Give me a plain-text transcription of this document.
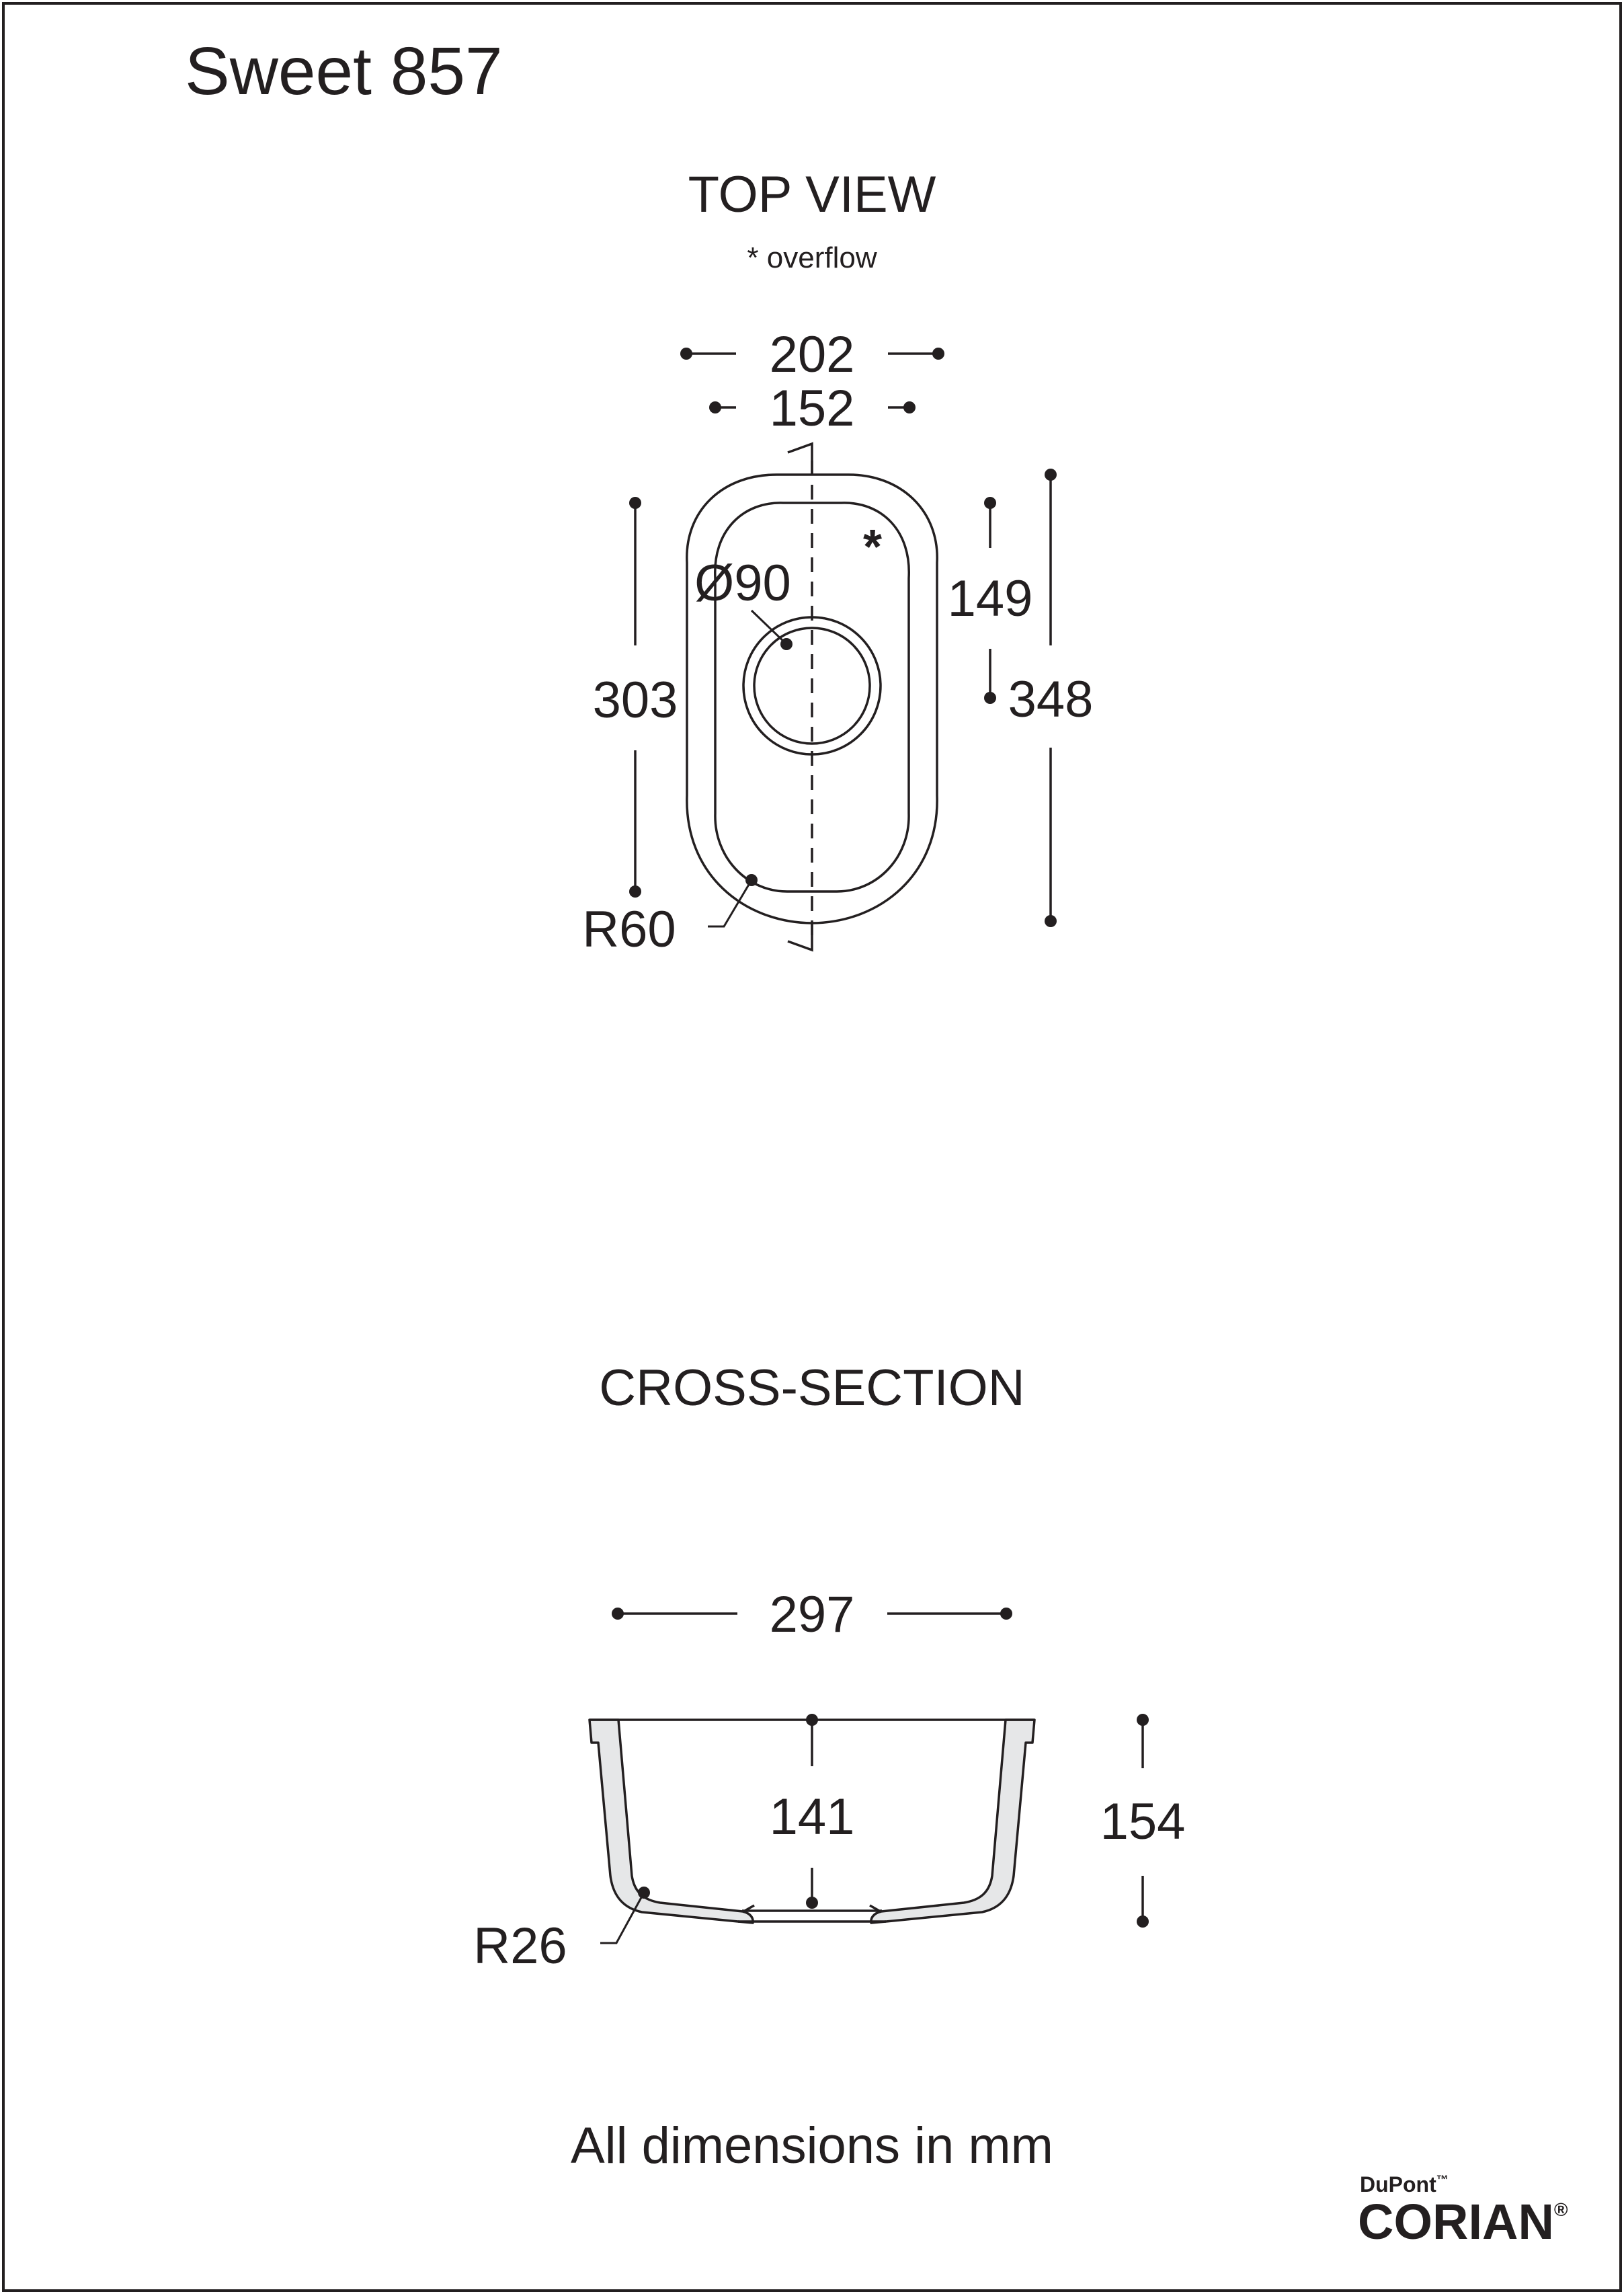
Sweet 857
TOP VIEW
* overflow
202
152
*
Ø90
303
149
348
R60
CROSS-SECTION
297
141	154
R26
All dimensions in mm
DuPont™
CORIAN®
